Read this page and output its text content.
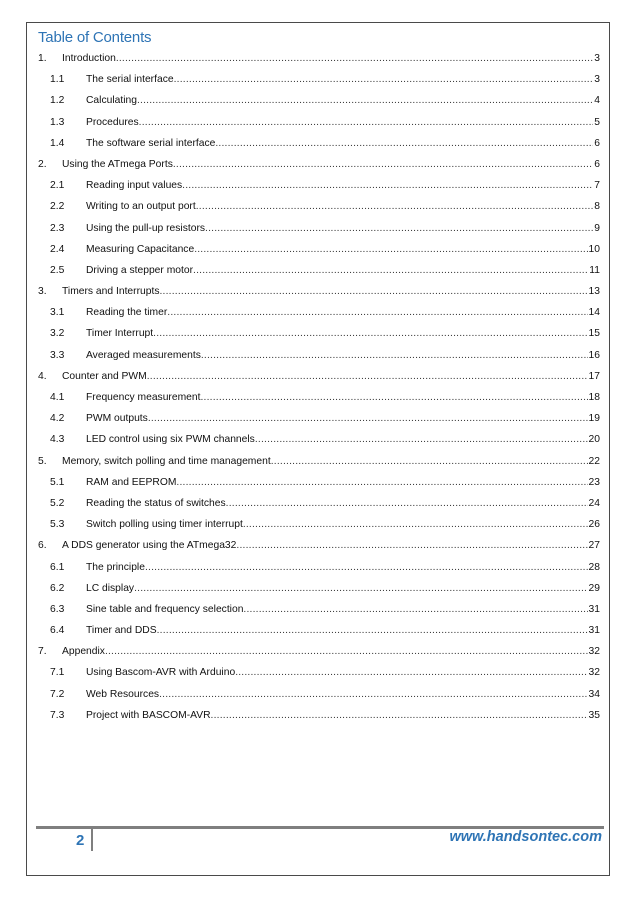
Table of Contents
1. Introduction .....	3
1.1 The serial interface .....	3
1.2 Calculating .....	4
1.3 Procedures .....	5
1.4 The software serial interface .....	6
2. Using the ATmega Ports .....	6
2.1 Reading input values .....	7
2.2 Writing to an output port .....	8
2.3 Using the pull-up resistors .....	9
2.4 Measuring Capacitance .....	10
2.5 Driving a stepper motor .....	11
3. Timers and Interrupts .....	13
3.1 Reading the timer .....	14
3.2 Timer Interrupt .....	15
3.3 Averaged measurements .....	16
4. Counter and PWM .....	17
4.1 Frequency measurement .....	18
4.2 PWM outputs .....	19
4.3 LED control using six PWM channels .....	20
5. Memory, switch polling and time management .....	22
5.1 RAM and EEPROM .....	23
5.2 Reading the status of switches .....	24
5.3 Switch polling using timer interrupt .....	26
6. A DDS generator using the ATmega32 .....	27
6.1 The principle .....	28
6.2 LC display .....	29
6.3 Sine table and frequency selection .....	31
6.4 Timer and DDS .....	31
7. Appendix .....	32
7.1 Using Bascom-AVR with Arduino .....	32
7.2 Web Resources .....	34
7.3 Project with BASCOM-AVR .....	35
2	www.handsontec.com
